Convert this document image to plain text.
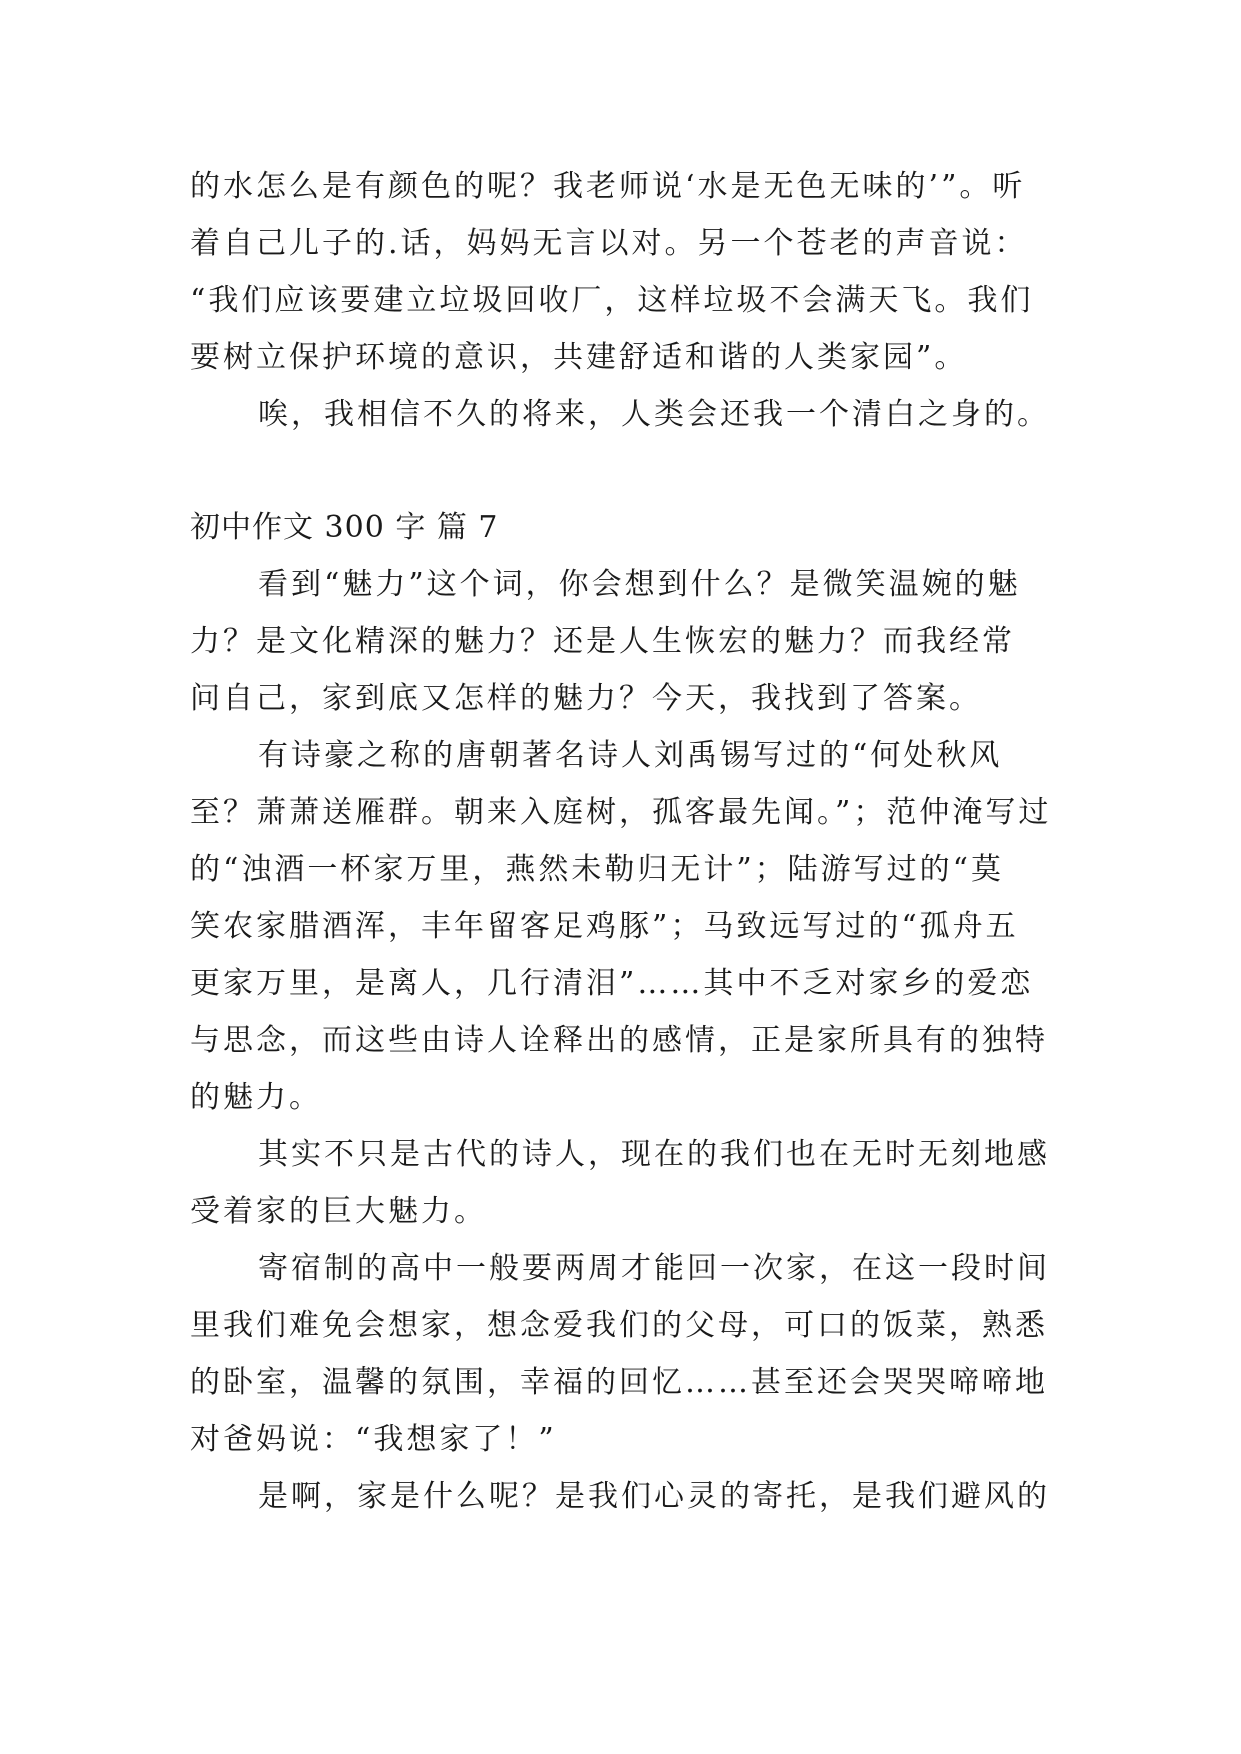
的水怎么是有颜色的呢？我老师说‘水是无色无味的’”。听
着自己儿子的.话，妈妈无言以对。另一个苍老的声音说：
“我们应该要建立垃圾回收厂，这样垃圾不会满天飞。我们
要树立保护环境的意识，共建舒适和谐的人类家园”。
唉，我相信不久的将来，人类会还我一个清白之身的。
初中作文 300 字 篇 7
看到“魅力”这个词，你会想到什么？是微笑温婉的魅
力？是文化精深的魅力？还是人生恢宏的魅力？而我经常
问自己，家到底又怎样的魅力？今天，我找到了答案。
有诗豪之称的唐朝著名诗人刘禹锡写过的“何处秋风
至？萧萧送雁群。朝来入庭树，孤客最先闻。”；范仲淹写过
的“浊酒一杯家万里，燕然未勒归无计”；陆游写过的“莫
笑农家腊酒浑，丰年留客足鸡豚”；马致远写过的“孤舟五
更家万里，是离人，几行清泪”……其中不乏对家乡的爱恋
与思念，而这些由诗人诠释出的感情，正是家所具有的独特
的魅力。
其实不只是古代的诗人，现在的我们也在无时无刻地感
受着家的巨大魅力。
寄宿制的高中一般要两周才能回一次家，在这一段时间
里我们难免会想家，想念爱我们的父母，可口的饭菜，熟悉
的卧室，温馨的氛围，幸福的回忆……甚至还会哭哭啼啼地
对爸妈说：“我想家了！”
是啊，家是什么呢？是我们心灵的寄托，是我们避风的
